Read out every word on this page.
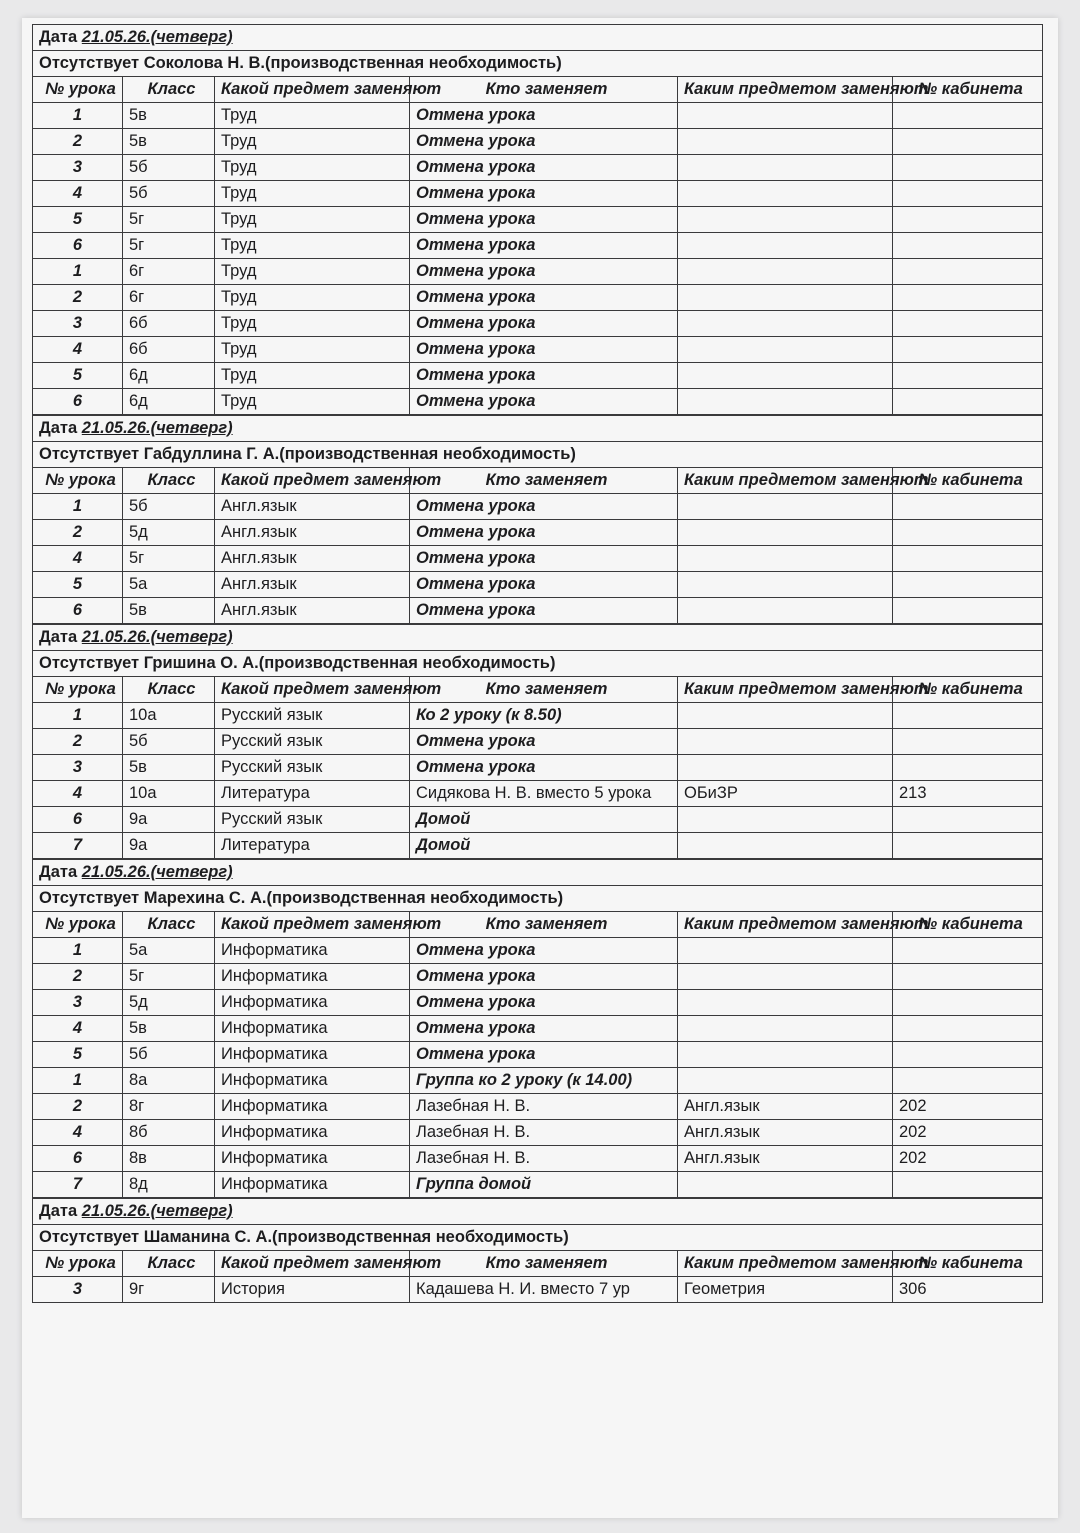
Дата 21.05.26.(четверг)					
Отсутствует Соколова Н. В.(производственная необходимость)					
№ урока	Класс	Какой предмет заменяют	Кто заменяет	Каким предметом заменяют	№ кабинета
1	5в	Труд	Отмена урока		
2	5в	Труд	Отмена урока		
3	5б	Труд	Отмена урока		
4	5б	Труд	Отмена урока		
5	5г	Труд	Отмена урока		
6	5г	Труд	Отмена урока		
1	6г	Труд	Отмена урока		
2	6г	Труд	Отмена урока		
3	6б	Труд	Отмена урока		
4	6б	Труд	Отмена урока		
5	6д	Труд	Отмена урока		
6	6д	Труд	Отмена урока		
Дата 21.05.26.(четверг)					
Отсутствует Габдуллина Г. А.(производственная необходимость)					
№ урока	Класс	Какой предмет заменяют	Кто заменяет	Каким предметом заменяют	№ кабинета
1	5б	Англ.язык	Отмена урока		
2	5д	Англ.язык	Отмена урока		
4	5г	Англ.язык	Отмена урока		
5	5а	Англ.язык	Отмена урока		
6	5в	Англ.язык	Отмена урока		
Дата 21.05.26.(четверг)					
Отсутствует Гришина О. А.(производственная необходимость)					
№ урока	Класс	Какой предмет заменяют	Кто заменяет	Каким предметом заменяют	№ кабинета
1	10а	Русский язык	Ко 2 уроку (к 8.50)		
2	5б	Русский язык	Отмена урока		
3	5в	Русский язык	Отмена урока		
4	10а	Литература	Сидякова Н. В. вместо 5 урока	ОБиЗР	213
6	9а	Русский язык	Домой		
7	9а	Литература	Домой		
Дата 21.05.26.(четверг)					
Отсутствует Марехина С. А.(производственная необходимость)					
№ урока	Класс	Какой предмет заменяют	Кто заменяет	Каким предметом заменяют	№ кабинета
1	5а	Информатика	Отмена урока		
2	5г	Информатика	Отмена урока		
3	5д	Информатика	Отмена урока		
4	5в	Информатика	Отмена урока		
5	5б	Информатика	Отмена урока		
1	8а	Информатика	Группа ко 2 уроку (к 14.00)		
2	8г	Информатика	Лазебная Н. В.	Англ.язык	202
4	8б	Информатика	Лазебная Н. В.	Англ.язык	202
6	8в	Информатика	Лазебная Н. В.	Англ.язык	202
7	8д	Информатика	Группа домой		
Дата 21.05.26.(четверг)					
Отсутствует Шаманина С. А.(производственная необходимость)					
№ урока	Класс	Какой предмет заменяют	Кто заменяет	Каким предметом заменяют	№ кабинета
3	9г	История	Кадашева Н. И. вместо 7 ур	Геометрия	306
